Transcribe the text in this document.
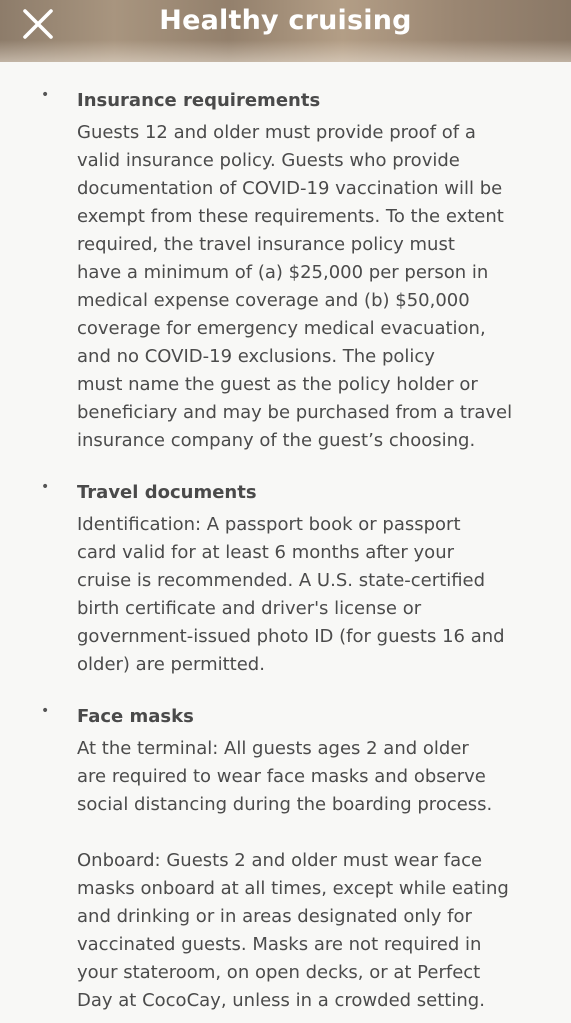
Healthy cruising
• Insurance requirements

Guests 12 and older must provide proof of a
valid insurance policy. Guests who provide
documentation of COVID-19 vaccination will be
exempt from these requirements. To the extent
required, the travel insurance policy must
have a minimum of (a) $25,000 per person in
medical expense coverage and (b) $50,000
coverage for emergency medical evacuation,
and no COVID-19 exclusions. The policy
must name the guest as the policy holder or
beneficiary and may be purchased from a travel
insurance company of the guest’s choosing.

• Travel documents

Identification: A passport book or passport
card valid for at least 6 months after your
cruise is recommended. A U.S. state-certified
birth certificate and driver's license or
government-issued photo ID (for guests 16 and
older) are permitted.

• Face masks

At the terminal: All guests ages 2 and older
are required to wear face masks and observe
social distancing during the boarding process.

Onboard: Guests 2 and older must wear face
masks onboard at all times, except while eating
and drinking or in areas designated only for
vaccinated guests. Masks are not required in
your stateroom, on open decks, or at Perfect
Day at CocoCay, unless in a crowded setting.
